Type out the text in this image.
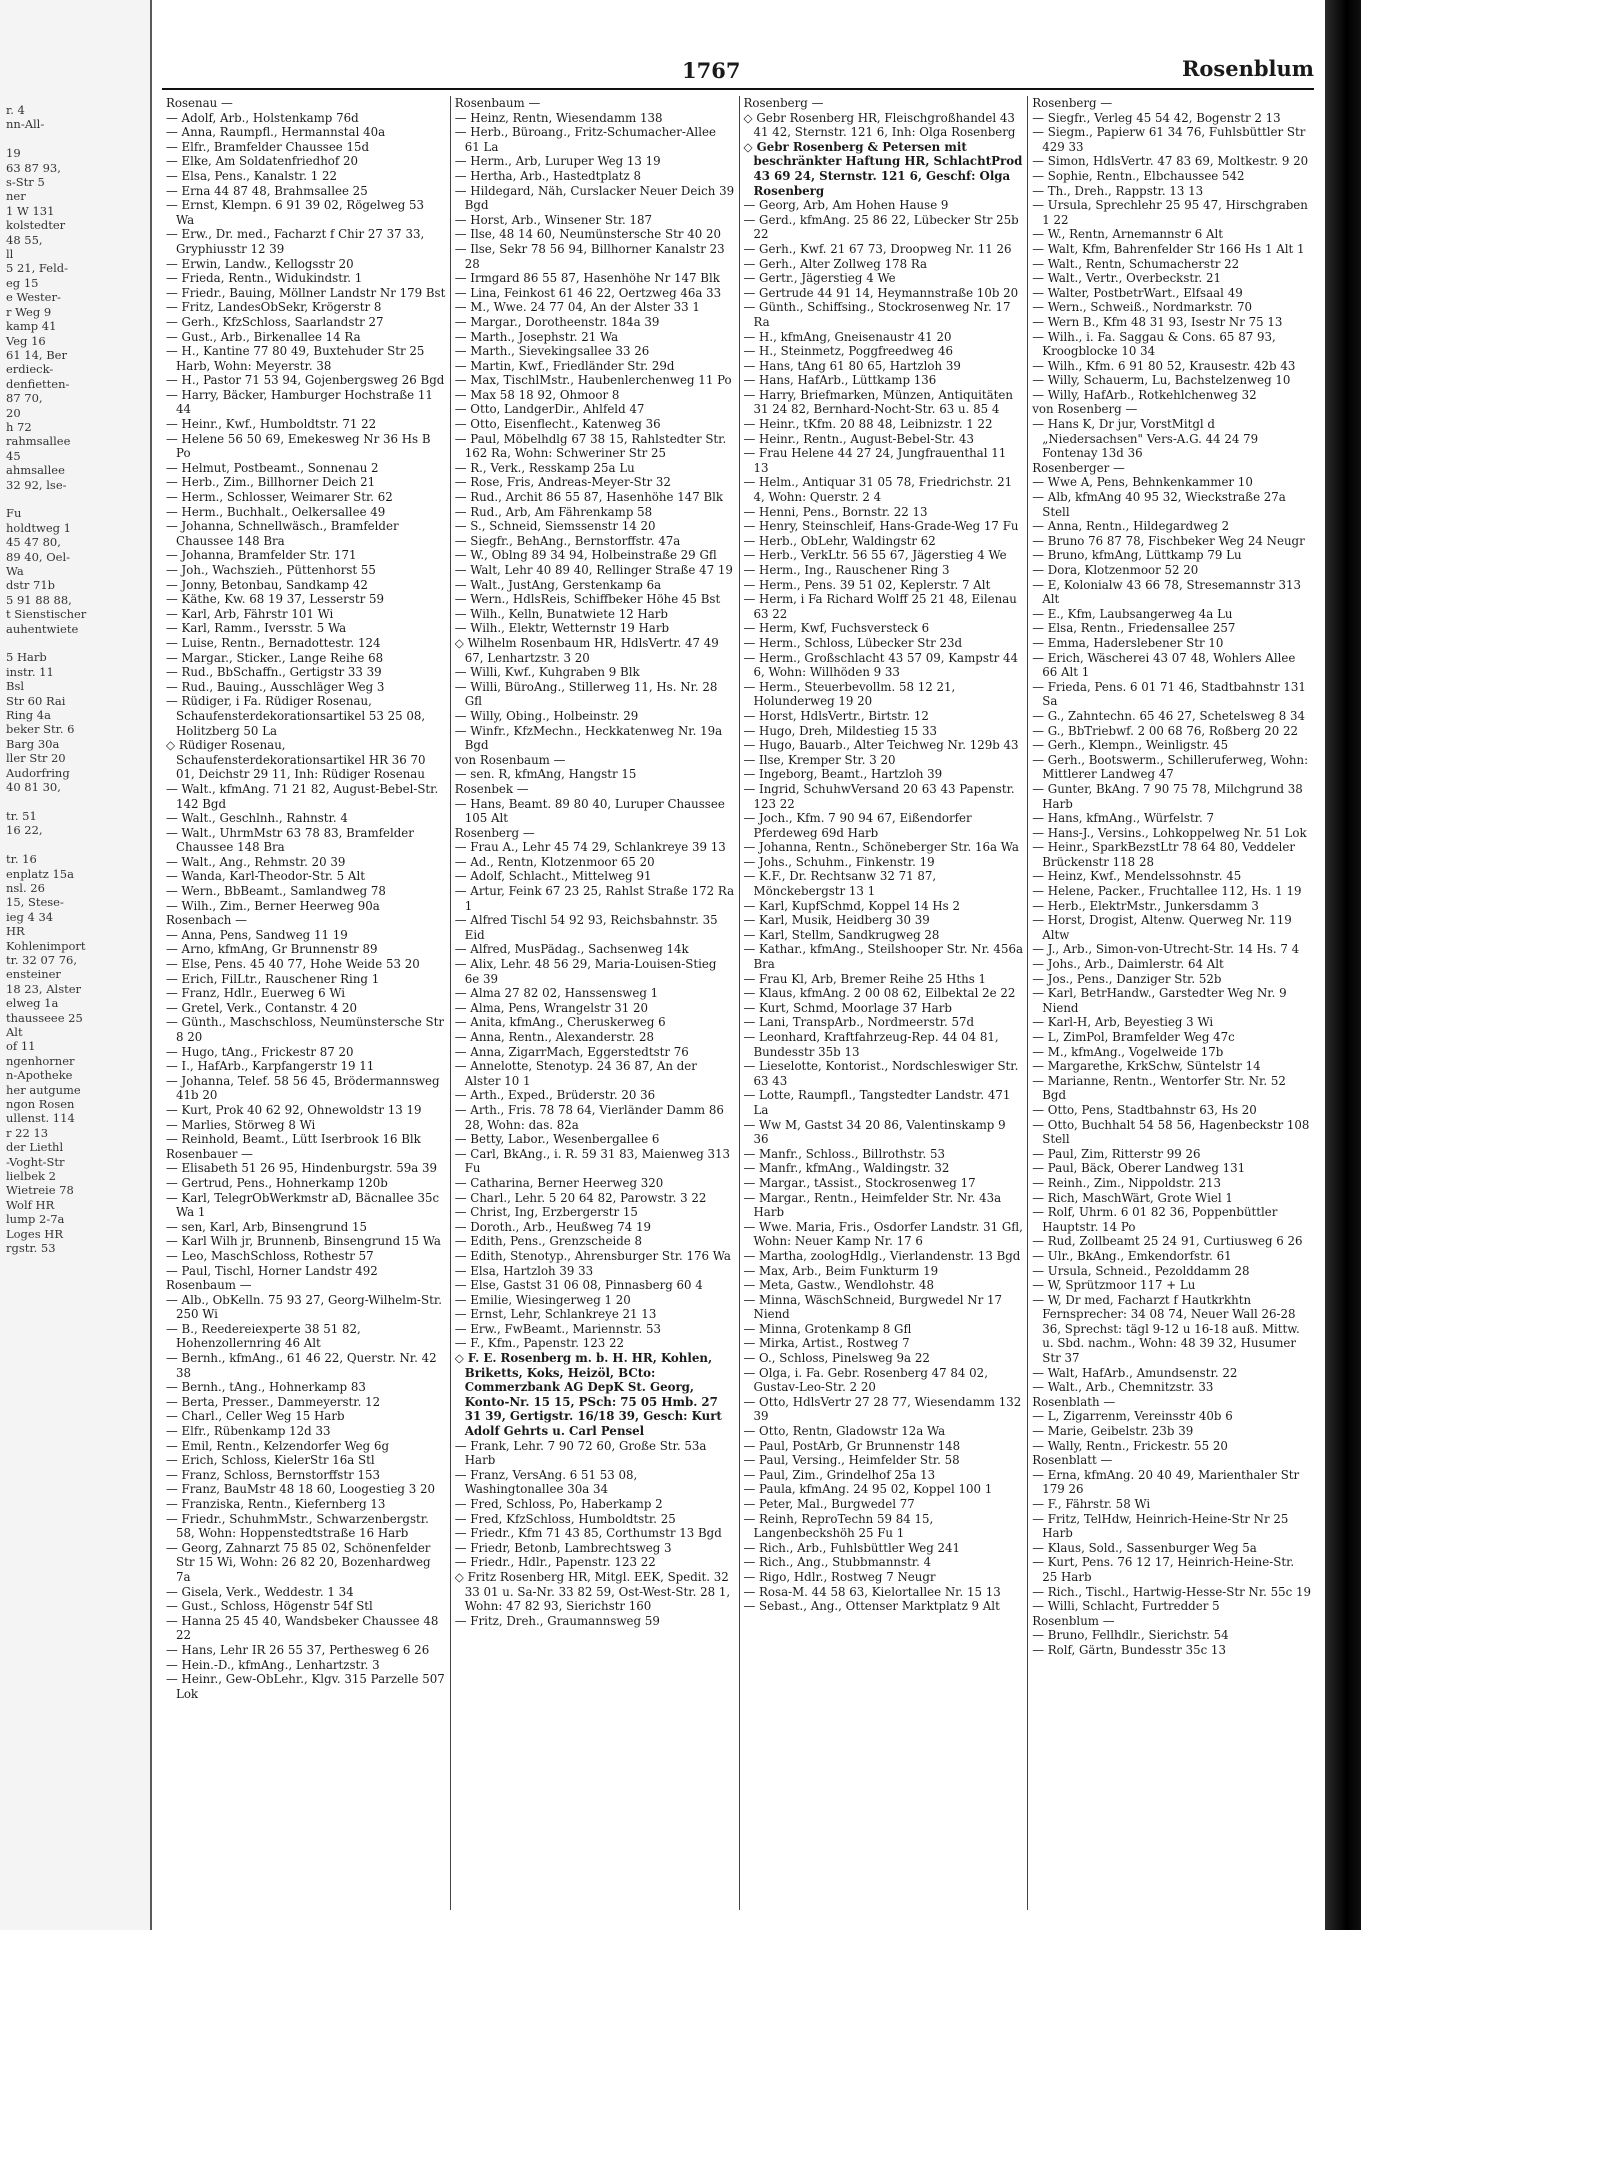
r. 4
nn-All-

19
63 87 93,
s-Str 5
ner
1 W 131
kolstedter
48 55,
ll
5 21, Feld-
eg 15
e Wester-
r Weg 9
kamp 41
Veg 16
61 14, Ber
erdieck-
denfietten-
87 70,
20
h 72
rahmsallee
45
ahmsallee
32 92, lse-

Fu
holdtweg 1
45 47 80,
89 40, Oel-
Wa
dstr 71b
5 91 88 88,
t Sienstischer
auhentwiete

5 Harb
instr. 11
Bsl
Str 60 Rai
Ring 4a
beker Str. 6
Barg 30a
ller Str 20
Audorfring
40 81 30,

tr. 51
16 22,

tr. 16
enplatz 15a
nsl. 26
15, Stese-
ieg 4 34
HR
Kohlenimport
tr. 32 07 76,
ensteiner
18 23, Alster
elweg 1a
thausseeе 25
Alt
of 11
ngenhorner
n-Apotheke
her autgume
ngon Rosen
ullenst. 114
r 22 13
der Liethl
-Voght-Str
lielbek 2
Wietreie 78
Wolf HR
lump 2-7a
Loges HR
rgstr. 53
1767	Rosenblum

Rosenau —

— Adolf, Arb., Holstenkamp 76d

— Anna, Raumpfl., Hermannstal 40a

— Elfr., Bramfelder Chaussee 15d

— Elke, Am Soldatenfriedhof 20

— Elsa, Pens., Kanalstr. 1 22

— Erna 44 87 48, Brahmsallee 25

— Ernst, Klempn. 6 91 39 02, Rögelweg 53 Wa

— Erw., Dr. med., Facharzt f Chir 27 37 33, Gryphiusstr 12 39

— Erwin, Landw., Kellogsstr 20

— Frieda, Rentn., Widukindstr. 1

— Friedr., Bauing, Möllner Landstr Nr 179 Bst

— Fritz, LandesObSekr, Krögerstr 8

— Gerh., KfzSchloss, Saarlandstr 27

— Gust., Arb., Birkenallee 14 Ra

— H., Kantine 77 80 49, Buxtehuder Str 25 Harb, Wohn: Meyerstr. 38

— H., Pastor 71 53 94, Gojenbergsweg 26 Bgd

— Harry, Bäcker, Hamburger Hochstraße 11 44

— Heinr., Kwf., Humboldtstr. 71 22

— Helene 56 50 69, Emekesweg Nr 36 Hs B Po

— Helmut, Postbeamt., Sonnenau 2

— Herb., Zim., Billhorner Deich 21

— Herm., Schlosser, Weimarer Str. 62

— Herm., Buchhalt., Oelkersallee 49

— Johanna, Schnellwäsch., Bramfelder Chaussee 148 Bra

— Johanna, Bramfelder Str. 171

— Joh., Wachszieh., Püttenhorst 55

— Jonny, Betonbau, Sandkamp 42

— Käthe, Kw. 68 19 37, Lesserstr 59

— Karl, Arb, Fährstr 101 Wi

— Karl, Ramm., Iversstr. 5 Wa

— Luise, Rentn., Bernadottestr. 124

— Margar., Sticker., Lange Reihe 68

— Rud., BbSchaffn., Gertigstr 33 39

— Rud., Bauing., Ausschläger Weg 3

— Rüdiger, i Fa. Rüdiger Rosenau, Schaufensterdekorationsartikel 53 25 08, Holitzberg 50 La

◇ Rüdiger Rosenau, Schaufensterdekorationsartikel HR 36 70 01, Deichstr 29 11, Inh: Rüdiger Rosenau

— Walt., kfmAng. 71 21 82, August-Bebel-Str. 142 Bgd

— Walt., Geschlnh., Rahnstr. 4

— Walt., UhrmMstr 63 78 83, Bramfelder Chaussee 148 Bra

— Walt., Ang., Rehmstr. 20 39

— Wanda, Karl-Theodor-Str. 5 Alt

— Wern., BbBeamt., Samlandweg 78

— Wilh., Zim., Berner Heerweg 90a

Rosenbach —

— Anna, Pens, Sandweg 11 19

— Arno, kfmAng, Gr Brunnenstr 89

— Else, Pens. 45 40 77, Hohe Weide 53 20

— Erich, FilLtr., Rauschener Ring 1

— Franz, Hdlr., Euerweg 6 Wi

— Gretel, Verk., Contanstr. 4 20

— Günth., Maschschloss, Neumünstersche Str 8 20

— Hugo, tAng., Frickestr 87 20

— I., HafArb., Karpfangerstr 19 11

— Johanna, Telef. 58 56 45, Brödermannsweg 41b 20

— Kurt, Prok 40 62 92, Ohnewoldstr 13 19

— Marlies, Störweg 8 Wi

— Reinhold, Beamt., Lütt Iserbrook 16 Blk

Rosenbauer —

— Elisabeth 51 26 95, Hindenburgstr. 59a 39

— Gertrud, Pens., Hohnerkamp 120b

— Karl, TelegrObWerkmstr aD, Bäcnallee 35c Wa 1

— sen, Karl, Arb, Binsengrund 15

— Karl Wilh jr, Brunnenb, Binsengrund 15 Wa

— Leo, MaschSchloss, Rothestr 57

— Paul, Tischl, Horner Landstr 492

Rosenbaum —

— Alb., ObKelln. 75 93 27, Georg-Wilhelm-Str. 250 Wi

— B., Reedereiexperte 38 51 82, Hohenzollernring 46 Alt

— Bernh., kfmAng., 61 46 22, Querstr. Nr. 42 38

— Bernh., tAng., Hohnerkamp 83

— Berta, Presser., Dammeyerstr. 12

— Charl., Celler Weg 15 Harb

— Elfr., Rübenkamp 12d 33

— Emil, Rentn., Kelzendorfer Weg 6g

— Erich, Schloss, KielerStr 16a Stl

— Franz, Schloss, Bernstorffstr 153

— Franz, BauMstr 48 18 60, Loogestieg 3 20

— Franziska, Rentn., Kiefernberg 13

— Friedr., SchuhmMstr., Schwarzenbergstr. 58, Wohn: Hoppenstedtstraße 16 Harb

— Georg, Zahnarzt 75 85 02, Schönenfelder Str 15 Wi, Wohn: 26 82 20, Bozenhardweg 7a

— Gisela, Verk., Weddestr. 1 34

— Gust., Schloss, Högenstr 54f Stl

— Hanna 25 45 40, Wandsbeker Chaussee 48 22

— Hans, Lehr IR 26 55 37, Perthesweg 6 26

— Hein.-D., kfmAng., Lenhartzstr. 3

— Heinr., Gew-ObLehr., Klgv. 315 Parzelle 507 Lok

Rosenbaum —

— Heinz, Rentn, Wiesendamm 138

— Herb., Büroang., Fritz-Schumacher-Allee 61 La

— Herm., Arb, Luruper Weg 13 19

— Hertha, Arb., Hastedtplatz 8

— Hildegard, Näh, Curslacker Neuer Deich 39 Bgd

— Horst, Arb., Winsener Str. 187

— Ilse, 48 14 60, Neumünstersche Str 40 20

— Ilse, Sekr 78 56 94, Billhorner Kanalstr 23 28

— Irmgard 86 55 87, Hasenhöhe Nr 147 Blk

— Lina, Feinkost 61 46 22, Oertzweg 46a 33

— M., Wwe. 24 77 04, An der Alster 33 1

— Margar., Dorotheenstr. 184a 39

— Marth., Josephstr. 21 Wa

— Marth., Sievekingsallee 33 26

— Martin, Kwf., Friedländer Str. 29d

— Max, TischlMstr., Haubenlerchenweg 11 Po

— Max 58 18 92, Ohmoor 8

— Otto, LandgerDir., Ahlfeld 47

— Otto, Eisenflecht., Katenweg 36

— Paul, Möbelhdlg 67 38 15, Rahlstedter Str. 162 Ra, Wohn: Schweriner Str 25

— R., Verk., Resskamp 25a Lu

— Rose, Fris, Andreas-Meyer-Str 32

— Rud., Archit 86 55 87, Hasenhöhe 147 Blk

— Rud., Arb, Am Fährenkamp 58

— S., Schneid, Siemssenstr 14 20

— Siegfr., BehAng., Bernstorffstr. 47a

— W., Oblng 89 34 94, Holbeinstraße 29 Gfl

— Walt, Lehr 40 89 40, Rellinger Straße 47 19

— Walt., JustAng, Gerstenkamp 6a

— Wern., HdlsReis, Schiffbeker Höhe 45 Bst

— Wilh., Kelln, Bunatwiete 12 Harb

— Wilh., Elektr, Wetternstr 19 Harb

◇ Wilhelm Rosenbaum HR, HdlsVertr. 47 49 67, Lenhartzstr. 3 20

— Willi, Kwf., Kuhgraben 9 Blk

— Willi, BüroAng., Stillerweg 11, Hs. Nr. 28 Gfl

— Willy, Obing., Holbeinstr. 29

— Winfr., KfzMechn., Heckkatenweg Nr. 19a Bgd

von Rosenbaum —

— sen. R, kfmAng, Hangstr 15

Rosenbek —

— Hans, Beamt. 89 80 40, Luruper Chaussee 105 Alt

Rosenberg —

— Frau A., Lehr 45 74 29, Schlankreye 39 13

— Ad., Rentn, Klotzenmoor 65 20

— Adolf, Schlacht., Mittelweg 91

— Artur, Feink 67 23 25, Rahlst Straße 172 Ra 1

— Alfred Tischl 54 92 93, Reichsbahnstr. 35 Eid

— Alfred, MusPädag., Sachsenweg 14k

— Alix, Lehr. 48 56 29, Maria-Louisen-Stieg 6e 39

— Alma 27 82 02, Hanssensweg 1

— Alma, Pens, Wrangelstr 31 20

— Anita, kfmAng., Cheruskerweg 6

— Anna, Rentn., Alexanderstr. 28

— Anna, ZigarrMach, Eggerstedtstr 76

— Annelotte, Stenotyp. 24 36 87, An der Alster 10 1

— Arth., Exped., Brüderstr. 20 36

— Arth., Fris. 78 78 64, Vierländer Damm 86 28, Wohn: das. 82a

— Betty, Labor., Wesenbergallee 6

— Carl, BkAng., i. R. 59 31 83, Maienweg 313 Fu

— Catharina, Berner Heerweg 320

— Charl., Lehr. 5 20 64 82, Parowstr. 3 22

— Christ, Ing, Erzbergerstr 15

— Doroth., Arb., Heußweg 74 19

— Edith, Pens., Grenzscheide 8

— Edith, Stenotyp., Ahrensburger Str. 176 Wa

— Elsa, Hartzloh 39 33

— Else, Gastst 31 06 08, Pinnasberg 60 4

— Emilie, Wiesingerweg 1 20

— Ernst, Lehr, Schlankreye 21 13

— Erw., FwBeamt., Mariennstr. 53

— F., Kfm., Papenstr. 123 22

◇ F. E. Rosenberg m. b. H. HR, Kohlen, Briketts, Koks, Heizöl, BCto: Commerzbank AG DepK St. Georg, Konto-Nr. 15 15, PSch: 75 05 Hmb. 27 31 39, Gertigstr. 16/18 39, Gesch: Kurt Adolf Gehrts u. Carl Pensel

— Frank, Lehr. 7 90 72 60, Große Str. 53a Harb

— Franz, VersAng. 6 51 53 08, Washingtonallee 30a 34

— Fred, Schloss, Po, Haberkamp 2

— Fred, KfzSchloss, Humboldtstr. 25

— Friedr., Kfm 71 43 85, Corthumstr 13 Bgd

— Friedr, Betonb, Lambrechtsweg 3

— Friedr., Hdlr., Papenstr. 123 22

◇ Fritz Rosenberg HR, Mitgl. EEK, Spedit. 32 33 01 u. Sa-Nr. 33 82 59, Ost-West-Str. 28 1, Wohn: 47 82 93, Sierichstr 160

— Fritz, Dreh., Graumannsweg 59

Rosenberg —

◇ Gebr Rosenberg HR, Fleischgroßhandel 43 41 42, Sternstr. 121 6, Inh: Olga Rosenberg

◇ Gebr Rosenberg & Petersen mit beschränkter Haftung HR, SchlachtProd 43 69 24, Sternstr. 121 6, Geschf: Olga Rosenberg

— Georg, Arb, Am Hohen Hause 9

— Gerd., kfmAng. 25 86 22, Lübecker Str 25b 22

— Gerh., Kwf. 21 67 73, Droopweg Nr. 11 26

— Gerh., Alter Zollweg 178 Ra

— Gertr., Jägerstieg 4 We

— Gertrude 44 91 14, Heymannstraße 10b 20

— Günth., Schiffsing., Stockrosenweg Nr. 17 Ra

— H., kfmAng, Gneisenaustr 41 20

— H., Steinmetz, Poggfreedweg 46

— Hans, tAng 61 80 65, Hartzloh 39

— Hans, HafArb., Lüttkamp 136

— Harry, Briefmarken, Münzen, Antiquitäten 31 24 82, Bernhard-Nocht-Str. 63 u. 85 4

— Heinr., tKfm. 20 88 48, Leibnizstr. 1 22

— Heinr., Rentn., August-Bebel-Str. 43

— Frau Helene 44 27 24, Jungfrauenthal 11 13

— Helm., Antiquar 31 05 78, Friedrichstr. 21 4, Wohn: Querstr. 2 4

— Henni, Pens., Bornstr. 22 13

— Henry, Steinschleif, Hans-Grade-Weg 17 Fu

— Herb., ObLehr, Waldingstr 62

— Herb., VerkLtr. 56 55 67, Jägerstieg 4 We

— Herm., Ing., Rauschener Ring 3

— Herm., Pens. 39 51 02, Keplerstr. 7 Alt

— Herm, i Fa Richard Wolff 25 21 48, Eilenau 63 22

— Herm, Kwf, Fuchsversteck 6

— Herm., Schloss, Lübecker Str 23d

— Herm., Großschlacht 43 57 09, Kampstr 44 6, Wohn: Willhöden 9 33

— Herm., Steuerbevollm. 58 12 21, Holunderweg 19 20

— Horst, HdlsVertr., Birtstr. 12

— Hugo, Dreh, Mildestieg 15 33

— Hugo, Bauarb., Alter Teichweg Nr. 129b 43

— Ilse, Kremper Str. 3 20

— Ingeborg, Beamt., Hartzloh 39

— Ingrid, SchuhwVersand 20 63 43 Papenstr. 123 22

— Joch., Kfm. 7 90 94 67, Eißendorfer Pferdeweg 69d Harb

— Johanna, Rentn., Schöneberger Str. 16a Wa

— Johs., Schuhm., Finkenstr. 19

— K.F., Dr. Rechtsanw 32 71 87, Mönckebergstr 13 1

— Karl, KupfSchmd, Koppel 14 Hs 2

— Karl, Musik, Heidberg 30 39

— Karl, Stellm, Sandkrugweg 28

— Kathar., kfmAng., Steilshooper Str. Nr. 456a Bra

— Frau Kl, Arb, Bremer Reihe 25 Hths 1

— Klaus, kfmAng. 2 00 08 62, Eilbektal 2e 22

— Kurt, Schmd, Moorlage 37 Harb

— Lani, TranspArb., Nordmeerstr. 57d

— Leonhard, Kraftfahrzeug-Rep. 44 04 81, Bundesstr 35b 13

— Lieselotte, Kontorist., Nordschleswiger Str. 63 43

— Lotte, Raumpfl., Tangstedter Landstr. 471 La

— Ww M, Gastst 34 20 86, Valentinskamp 9 36

— Manfr., Schloss., Billrothstr. 53

— Manfr., kfmAng., Waldingstr. 32

— Margar., tAssist., Stockrosenweg 17

— Margar., Rentn., Heimfelder Str. Nr. 43a Harb

— Wwe. Maria, Fris., Osdorfer Landstr. 31 Gfl, Wohn: Neuer Kamp Nr. 17 6

— Martha, zoologHdlg., Vierlandenstr. 13 Bgd

— Max, Arb., Beim Funkturm 19

— Meta, Gastw., Wendlohstr. 48

— Minna, WäschSchneid, Burgwedel Nr 17 Niend

— Minna, Grotenkamp 8 Gfl

— Mirka, Artist., Rostweg 7

— O., Schloss, Pinelsweg 9a 22

— Olga, i. Fa. Gebr. Rosenberg 47 84 02, Gustav-Leo-Str. 2 20

— Otto, HdlsVertr 27 28 77, Wiesendamm 132 39

— Otto, Rentn, Gladowstr 12a Wa

— Paul, PostArb, Gr Brunnenstr 148

— Paul, Versing., Heimfelder Str. 58

— Paul, Zim., Grindelhof 25a 13

— Paula, kfmAng. 24 95 02, Koppel 100 1

— Peter, Mal., Burgwedel 77

— Reinh, ReproTechn 59 84 15, Langenbeckshöh 25 Fu 1

— Rich., Arb., Fuhlsbüttler Weg 241

— Rich., Ang., Stubbmannstr. 4

— Rigo, Hdlr., Rostweg 7 Neugr

— Rosa-M. 44 58 63, Kielortallee Nr. 15 13

— Sebast., Ang., Ottenser Marktplatz 9 Alt

Rosenberg —

— Siegfr., Verleg 45 54 42, Bogenstr 2 13

— Siegm., Papierw 61 34 76, Fuhlsbüttler Str 429 33

— Simon, HdlsVertr. 47 83 69, Moltkestr. 9 20

— Sophie, Rentn., Elbchaussee 542

— Th., Dreh., Rappstr. 13 13

— Ursula, Sprechlehr 25 95 47, Hirschgraben 1 22

— W., Rentn, Arnemannstr 6 Alt

— Walt, Kfm, Bahrenfelder Str 166 Hs 1 Alt 1

— Walt., Rentn, Schumacherstr 22

— Walt., Vertr., Overbeckstr. 21

— Walter, PostbetrWart., Elfsaal 49

— Wern., Schweiß., Nordmarkstr. 70

— Wern B., Kfm 48 31 93, Isestr Nr 75 13

— Wilh., i. Fa. Saggau & Cons. 65 87 93, Kroogblocke 10 34

— Wilh., Kfm. 6 91 80 52, Krausestr. 42b 43

— Willy, Schauerm, Lu, Bachstelzenweg 10

— Willy, HafArb., Rotkehlchenweg 32

von Rosenberg —

— Hans K, Dr jur, VorstMitgl d „Niedersachsen" Vers-A.G. 44 24 79 Fontenay 13d 36

Rosenberger —

— Wwe A, Pens, Behnkenkammer 10

— Alb, kfmAng 40 95 32, Wieckstraße 27a Stell

— Anna, Rentn., Hildegardweg 2

— Bruno 76 87 78, Fischbeker Weg 24 Neugr

— Bruno, kfmAng, Lüttkamp 79 Lu

— Dora, Klotzenmoor 52 20

— E, Kolonialw 43 66 78, Stresemannstr 313 Alt

— E., Kfm, Laubsangerweg 4a Lu

— Elsa, Rentn., Friedensallee 257

— Emma, Haderslebener Str 10

— Erich, Wäscherei 43 07 48, Wohlers Allee 66 Alt 1

— Frieda, Pens. 6 01 71 46, Stadtbahnstr 131 Sa

— G., Zahntechn. 65 46 27, Schetelsweg 8 34

— G., BbTriebwf. 2 00 68 76, Roßberg 20 22

— Gerh., Klempn., Weinligstr. 45

— Gerh., Bootswerm., Schilleruferweg, Wohn: Mittlerer Landweg 47

— Gunter, BkAng. 7 90 75 78, Milchgrund 38 Harb

— Hans, kfmAng., Würfelstr. 7

— Hans-J., Versins., Lohkoppelweg Nr. 51 Lok

— Heinr., SparkBezstLtr 78 64 80, Veddeler Brückenstr 118 28

— Heinz, Kwf., Mendelssohnstr. 45

— Helene, Packer., Fruchtallee 112, Hs. 1 19

— Herb., ElektrMstr., Junkersdamm 3

— Horst, Drogist, Altenw. Querweg Nr. 119 Altw

— J., Arb., Simon-von-Utrecht-Str. 14 Hs. 7 4

— Johs., Arb., Daimlerstr. 64 Alt

— Jos., Pens., Danziger Str. 52b

— Karl, BetrHandw., Garstedter Weg Nr. 9 Niend

— Karl-H, Arb, Beyestieg 3 Wi

— L, ZimPol, Bramfelder Weg 47c

— M., kfmAng., Vogelweide 17b

— Margarethe, KrkSchw, Süntelstr 14

— Marianne, Rentn., Wentorfer Str. Nr. 52 Bgd

— Otto, Pens, Stadtbahnstr 63, Hs 20

— Otto, Buchhalt 54 58 56, Hagenbeckstr 108 Stell

— Paul, Zim, Ritterstr 99 26

— Paul, Bäck, Oberer Landweg 131

— Reinh., Zim., Nippoldstr. 213

— Rich, MaschWärt, Grote Wiel 1

— Rolf, Uhrm. 6 01 82 36, Poppenbüttler Hauptstr. 14 Po

— Rud, Zollbeamt 25 24 91, Curtiusweg 6 26

— Ulr., BkAng., Emkendorfstr. 61

— Ursula, Schneid., Pezolddamm 28

— W, Sprützmoor 117 + Lu

— W, Dr med, Facharzt f Hautkrkhtn Fernsprecher: 34 08 74, Neuer Wall 26-28 36, Sprechst: tägl 9-12 u 16-18 auß. Mittw. u. Sbd. nachm., Wohn: 48 39 32, Husumer Str 37

— Walt, HafArb., Amundsenstr. 22

— Walt., Arb., Chemnitzstr. 33

Rosenblath —

— L, Zigarrenm, Vereinsstr 40b 6

— Marie, Geibelstr. 23b 39

— Wally, Rentn., Frickestr. 55 20

Rosenblatt —

— Erna, kfmAng. 20 40 49, Marienthaler Str 179 26

— F., Fährstr. 58 Wi

— Fritz, TelHdw, Heinrich-Heine-Str Nr 25 Harb

— Klaus, Sold., Sassenburger Weg 5a

— Kurt, Pens. 76 12 17, Heinrich-Heine-Str. 25 Harb

— Rich., Tischl., Hartwig-Hesse-Str Nr. 55c 19

— Willi, Schlacht, Furtredder 5

Rosenblum —

— Bruno, Fellhdlr., Sierichstr. 54

— Rolf, Gärtn, Bundesstr 35c 13
